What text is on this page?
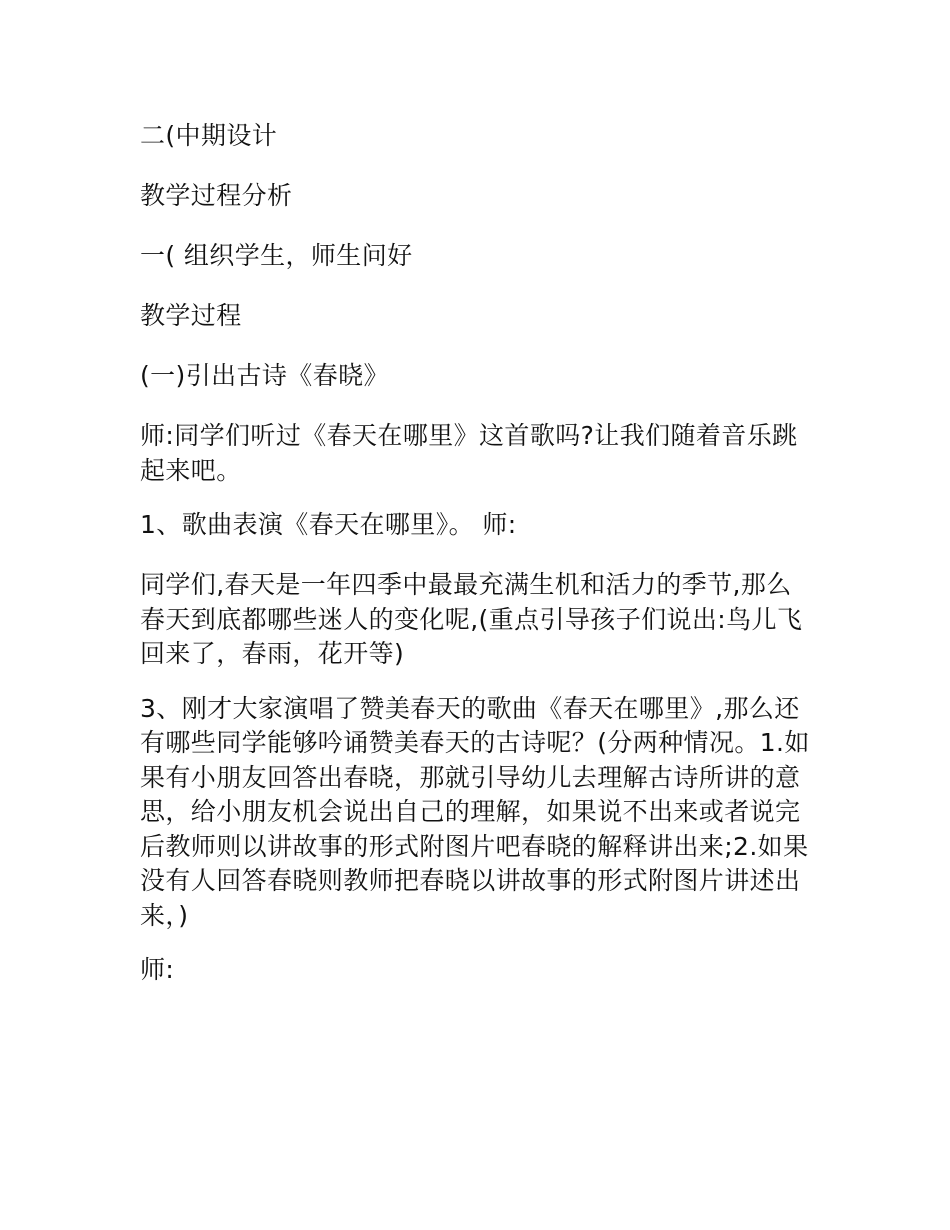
二(中期设计

教学过程分析

一( 组织学生，师生问好

教学过程

(一)引出古诗《春晓》

师:同学们听过《春天在哪里》这首歌吗?让我们随着音乐跳起来吧。

1、歌曲表演《春天在哪里》。 师:

同学们,春天是一年四季中最最充满生机和活力的季节,那么春天到底都哪些迷人的变化呢,(重点引导孩子们说出:鸟儿飞回来了，春雨，花开等)

3、刚才大家演唱了赞美春天的歌曲《春天在哪里》,那么还有哪些同学能够吟诵赞美春天的古诗呢？(分两种情况。1.如果有小朋友回答出春晓，那就引导幼儿去理解古诗所讲的意思，给小朋友机会说出自己的理解，如果说不出来或者说完后教师则以讲故事的形式附图片吧春晓的解释讲出来;2.如果没有人回答春晓则教师把春晓以讲故事的形式附图片讲述出来，)

师:
